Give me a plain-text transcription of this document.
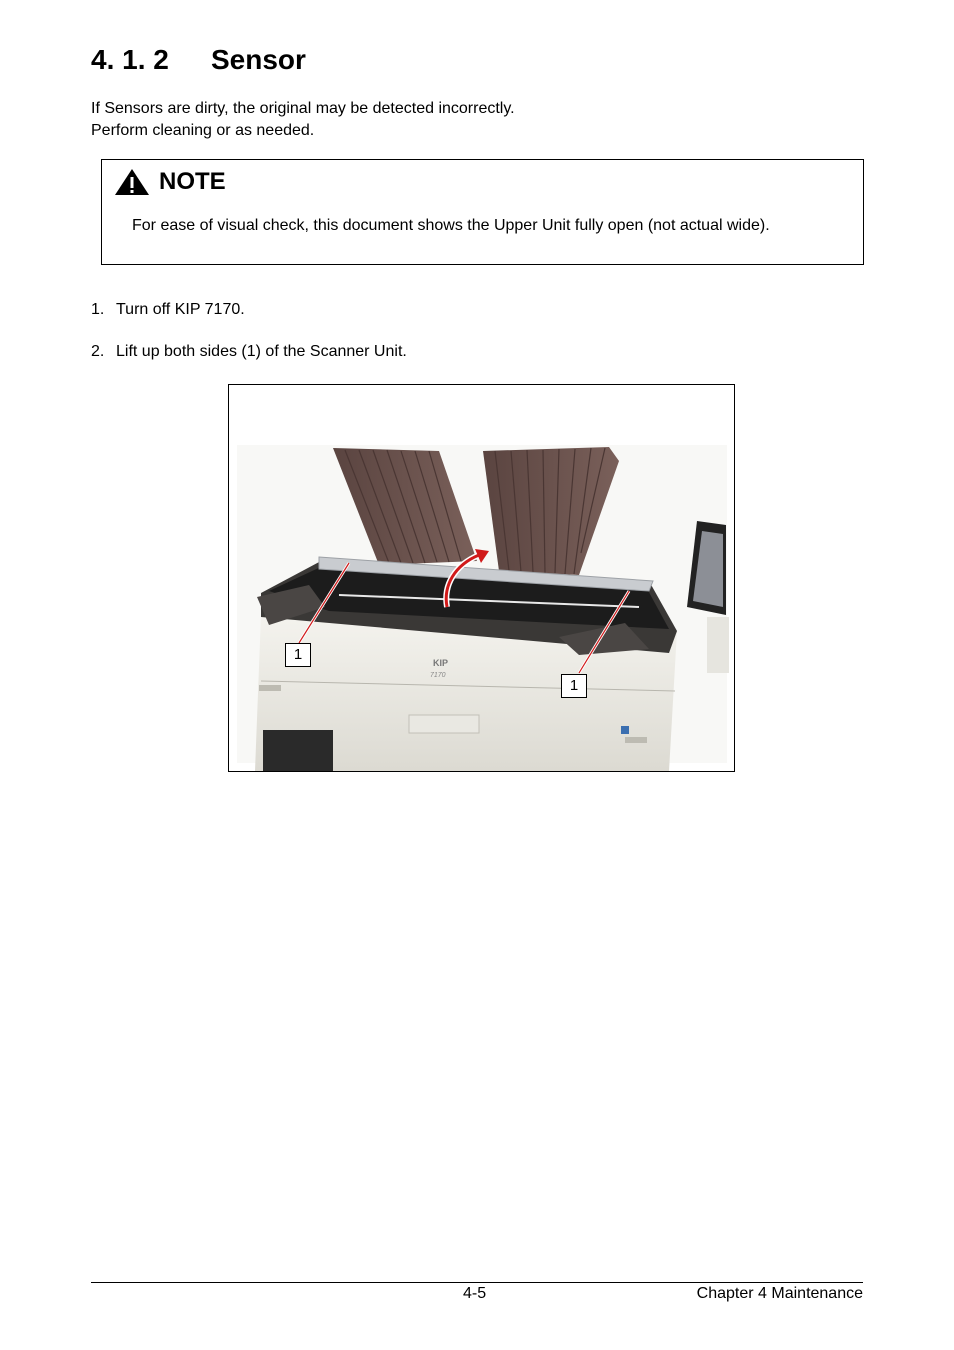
4. 1. 2 Sensor
If Sensors are dirty, the original may be detected incorrectly.
Perform cleaning or as needed.
NOTE
For ease of visual check, this document shows the Upper Unit fully open (not actual wide).
1. Turn off KIP 7170.
2. Lift up both sides (1) of the Scanner Unit.
KIP
7170
1
1
4-5	Chapter 4 Maintenance
